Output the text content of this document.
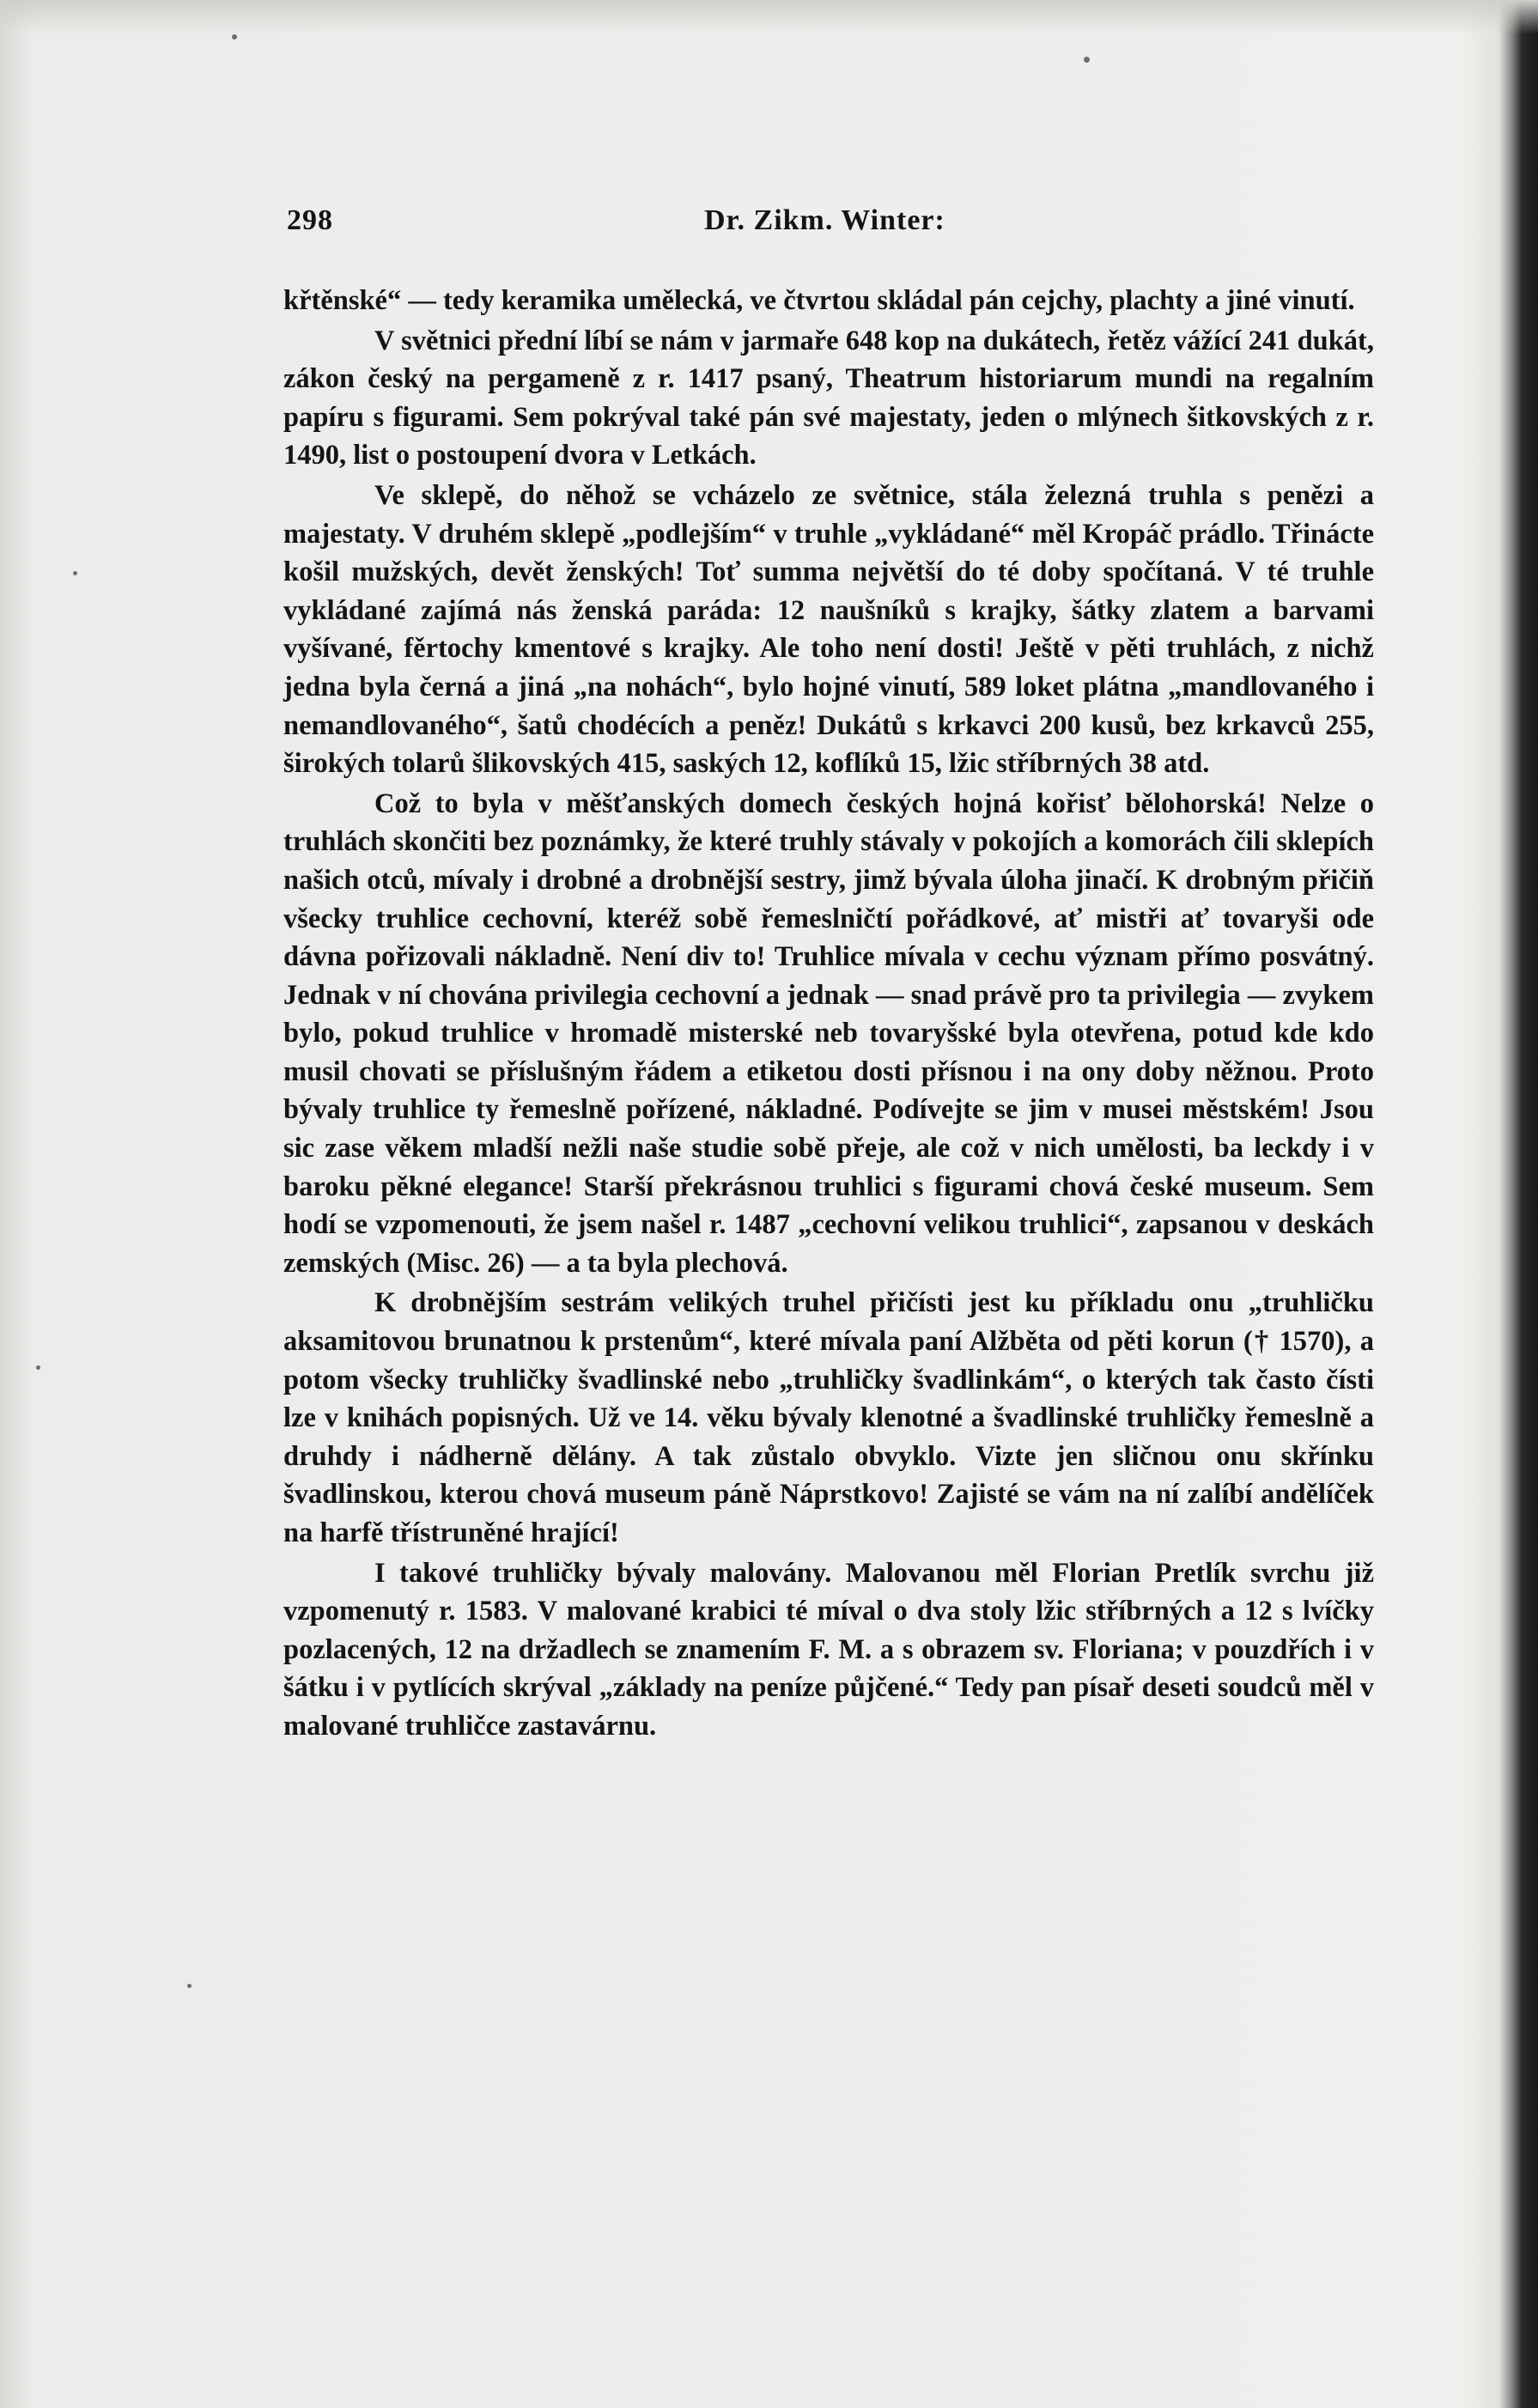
298	Dr. Zikm. Winter:

křtěnské“ — tedy keramika umělecká, ve čtvrtou skládal pán cejchy, plachty a jiné vinutí.

V světnici přední líbí se nám v jarmaře 648 kop na dukátech, řetěz vážící 241 dukát, zákon český na pergameně z r. 1417 psaný, Theatrum historiarum mundi na regalním papíru s figurami. Sem pokrýval také pán své majestaty, jeden o mlýnech šitkovských z r. 1490, list o postoupení dvora v Letkách.

Ve sklepě, do něhož se vcházelo ze světnice, stála železná truhla s penězi a majestaty. V druhém sklepě „podlejším“ v truhle „vykládané“ měl Kropáč prádlo. Třinácte košil mužských, devět ženských! Toť summa největší do té doby spočítaná. V té truhle vykládané zajímá nás ženská paráda: 12 naušníků s krajky, šátky zlatem a barvami vyšívané, fěrtochy kmentové s krajky. Ale toho není dosti! Ještě v pěti truhlách, z nichž jedna byla černá a jiná „na nohách“, bylo hojné vinutí, 589 loket plátna „mandlovaného i nemandlovaného“, šatů chodécích a peněz! Dukátů s krkavci 200 kusů, bez krkavců 255, širokých tolarů šlikovských 415, saských 12, koflíků 15, lžic stříbrných 38 atd.

Což to byla v měšťanských domech českých hojná kořisť bělohorská! Nelze o truhlách skončiti bez poznámky, že které truhly stávaly v pokojích a komorách čili sklepích našich otců, mívaly i drobné a drobnější sestry, jimž bývala úloha jinačí. K drobným přičiň všecky truhlice cechovní, kteréž sobě řemeslničtí pořádkové, ať mistři ať tovaryši ode dávna pořizovali nákladně. Není div to! Truhlice mívala v cechu význam přímo posvátný. Jednak v ní chována privilegia cechovní a jednak — snad právě pro ta privilegia — zvykem bylo, pokud truhlice v hromadě misterské neb tovaryšské byla otevřena, potud kde kdo musil chovati se příslušným řádem a etiketou dosti přísnou i na ony doby něžnou. Proto bývaly truhlice ty řemeslně pořízené, nákladné. Podívejte se jim v musei městském! Jsou sic zase věkem mladší nežli naše studie sobě přeje, ale což v nich umělosti, ba leckdy i v baroku pěkné elegance! Starší překrásnou truhlici s figurami chová české museum. Sem hodí se vzpomenouti, že jsem našel r. 1487 „cechovní velikou truhlici“, zapsanou v deskách zemských (Misc. 26) — a ta byla plechová.

K drobnějším sestrám velikých truhel přičísti jest ku příkladu onu „truhličku aksamitovou brunatnou k prstenům“, které mívala paní Alžběta od pěti korun († 1570), a potom všecky truhličky švadlinské nebo „truhličky švadlinkám“, o kterých tak často čísti lze v knihách popisných. Už ve 14. věku bývaly klenotné a švadlinské truhličky řemeslně a druhdy i nádherně dělány. A tak zůstalo obvyklo. Vizte jen sličnou onu skřínku švadlinskou, kterou chová museum páně Náprstkovo! Zajisté se vám na ní zalíbí andělíček na harfě třístruněné hrající!

I takové truhličky bývaly malovány. Malovanou měl Florian Pretlík svrchu již vzpomenutý r. 1583. V malované krabici té míval o dva stoly lžic stříbrných a 12 s lvíčky pozlacených, 12 na držadlech se znamením F. M. a s obrazem sv. Floriana; v pouzdřích i v šátku i v pytlících skrýval „základy na peníze půjčené.“ Tedy pan písař deseti soudců měl v malované truhličce zastavárnu.
